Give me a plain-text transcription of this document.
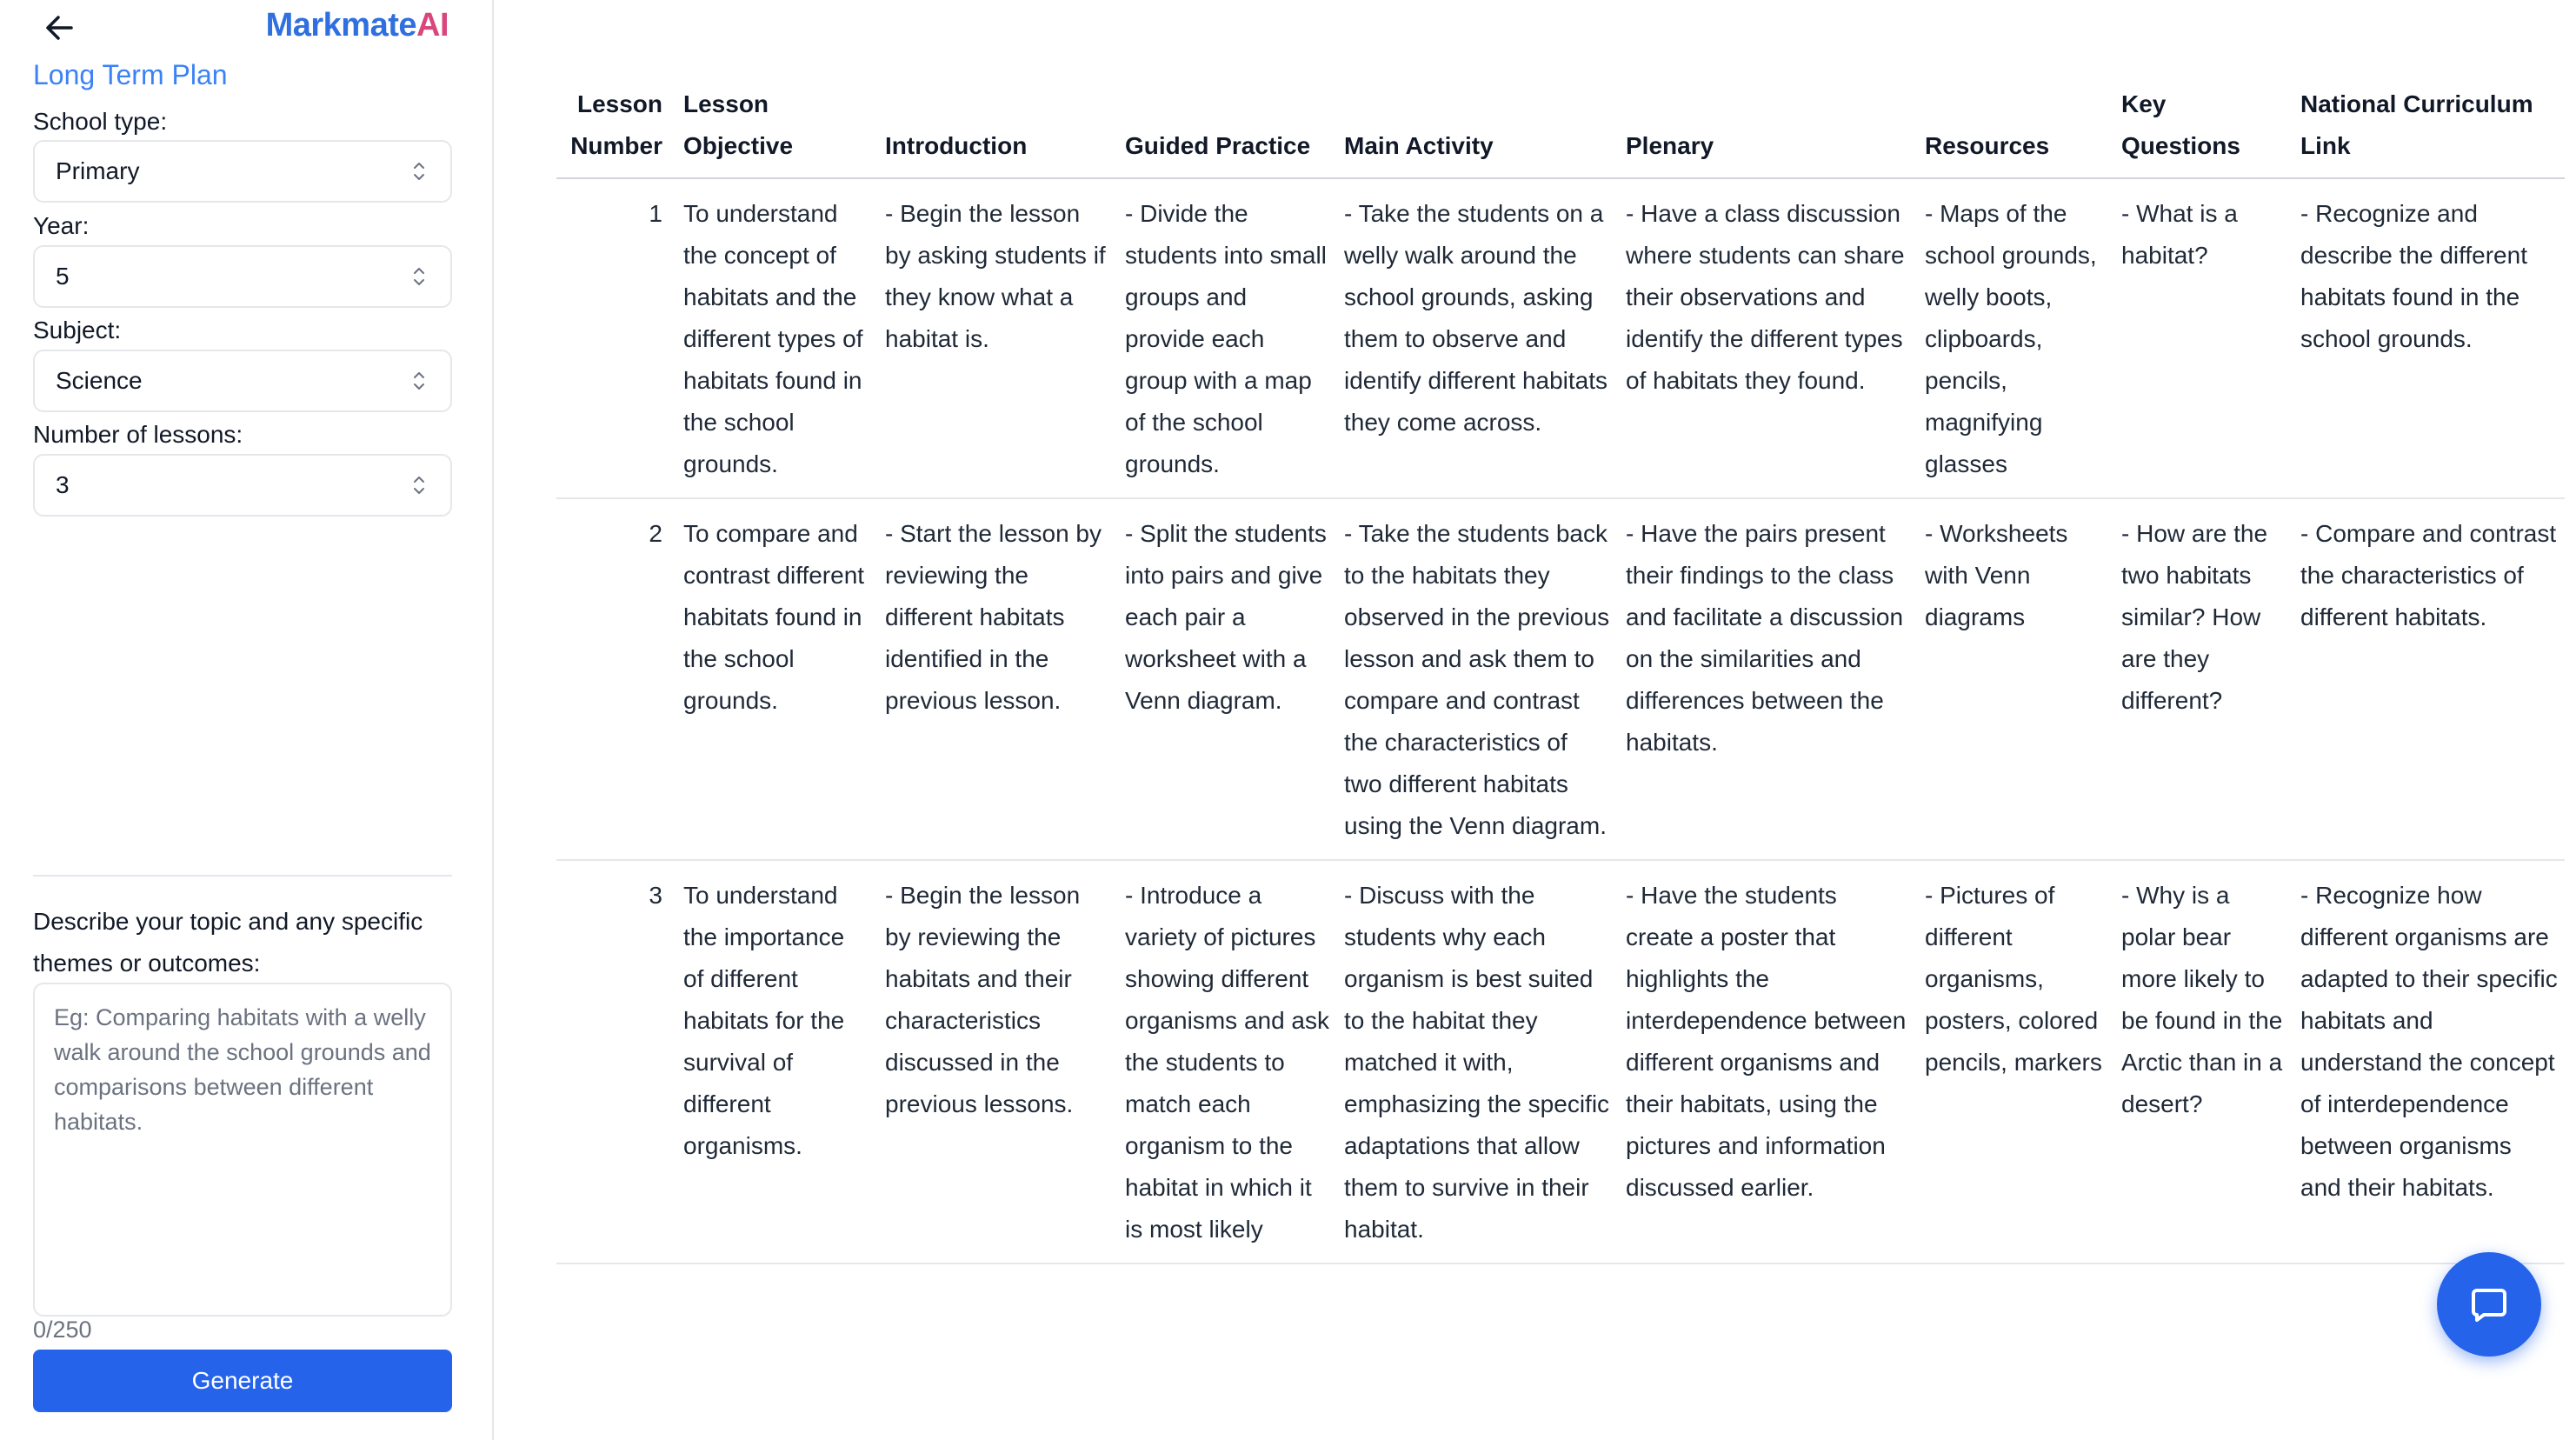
MarkmateAI
Long Term Plan
School type:
Primary
Year:
5
Subject:
Science
Number of lessons:
3
Describe your topic and any specific themes or outcomes:
Eg: Comparing habitats with a welly walk around the school grounds and comparisons between different habitats.
0/250
Generate
Lesson Number	Lesson Objective	Introduction	Guided Practice	Main Activity	Plenary	Resources	Key Questions	National Curriculum Link
1	To understand the concept of habitats and the different types of habitats found in the school grounds.	- Begin the lesson by asking students if they know what a habitat is.	- Divide the students into small groups and provide each group with a map of the school grounds.	- Take the students on a welly walk around the school grounds, asking them to observe and identify different habitats they come across.	- Have a class discussion where students can share their observations and identify the different types of habitats they found.	- Maps of the school grounds, welly boots, clipboards, pencils, magnifying glasses	- What is a habitat?	- Recognize and describe the different habitats found in the school grounds.
2	To compare and contrast different habitats found in the school grounds.	- Start the lesson by reviewing the different habitats identified in the previous lesson.	- Split the students into pairs and give each pair a worksheet with a Venn diagram.	- Take the students back to the habitats they observed in the previous lesson and ask them to compare and contrast the characteristics of two different habitats using the Venn diagram.	- Have the pairs present their findings to the class and facilitate a discussion on the similarities and differences between the habitats.	- Worksheets with Venn diagrams	- How are the two habitats similar? How are they different?	- Compare and contrast the characteristics of different habitats.
3	To understand the importance of different habitats for the survival of different organisms.	- Begin the lesson by reviewing the habitats and their characteristics discussed in the previous lessons.	- Introduce a variety of pictures showing different organisms and ask the students to match each organism to the habitat in which it is most likely	- Discuss with the students why each organism is best suited to the habitat they matched it with, emphasizing the specific adaptations that allow them to survive in their habitat.	- Have the students create a poster that highlights the interdependence between different organisms and their habitats, using the pictures and information discussed earlier.	- Pictures of different organisms, posters, colored pencils, markers	- Why is a polar bear more likely to be found in the Arctic than in a desert?	- Recognize how different organisms are adapted to their specific habitats and understand the concept of interdependence between organisms and their habitats.
